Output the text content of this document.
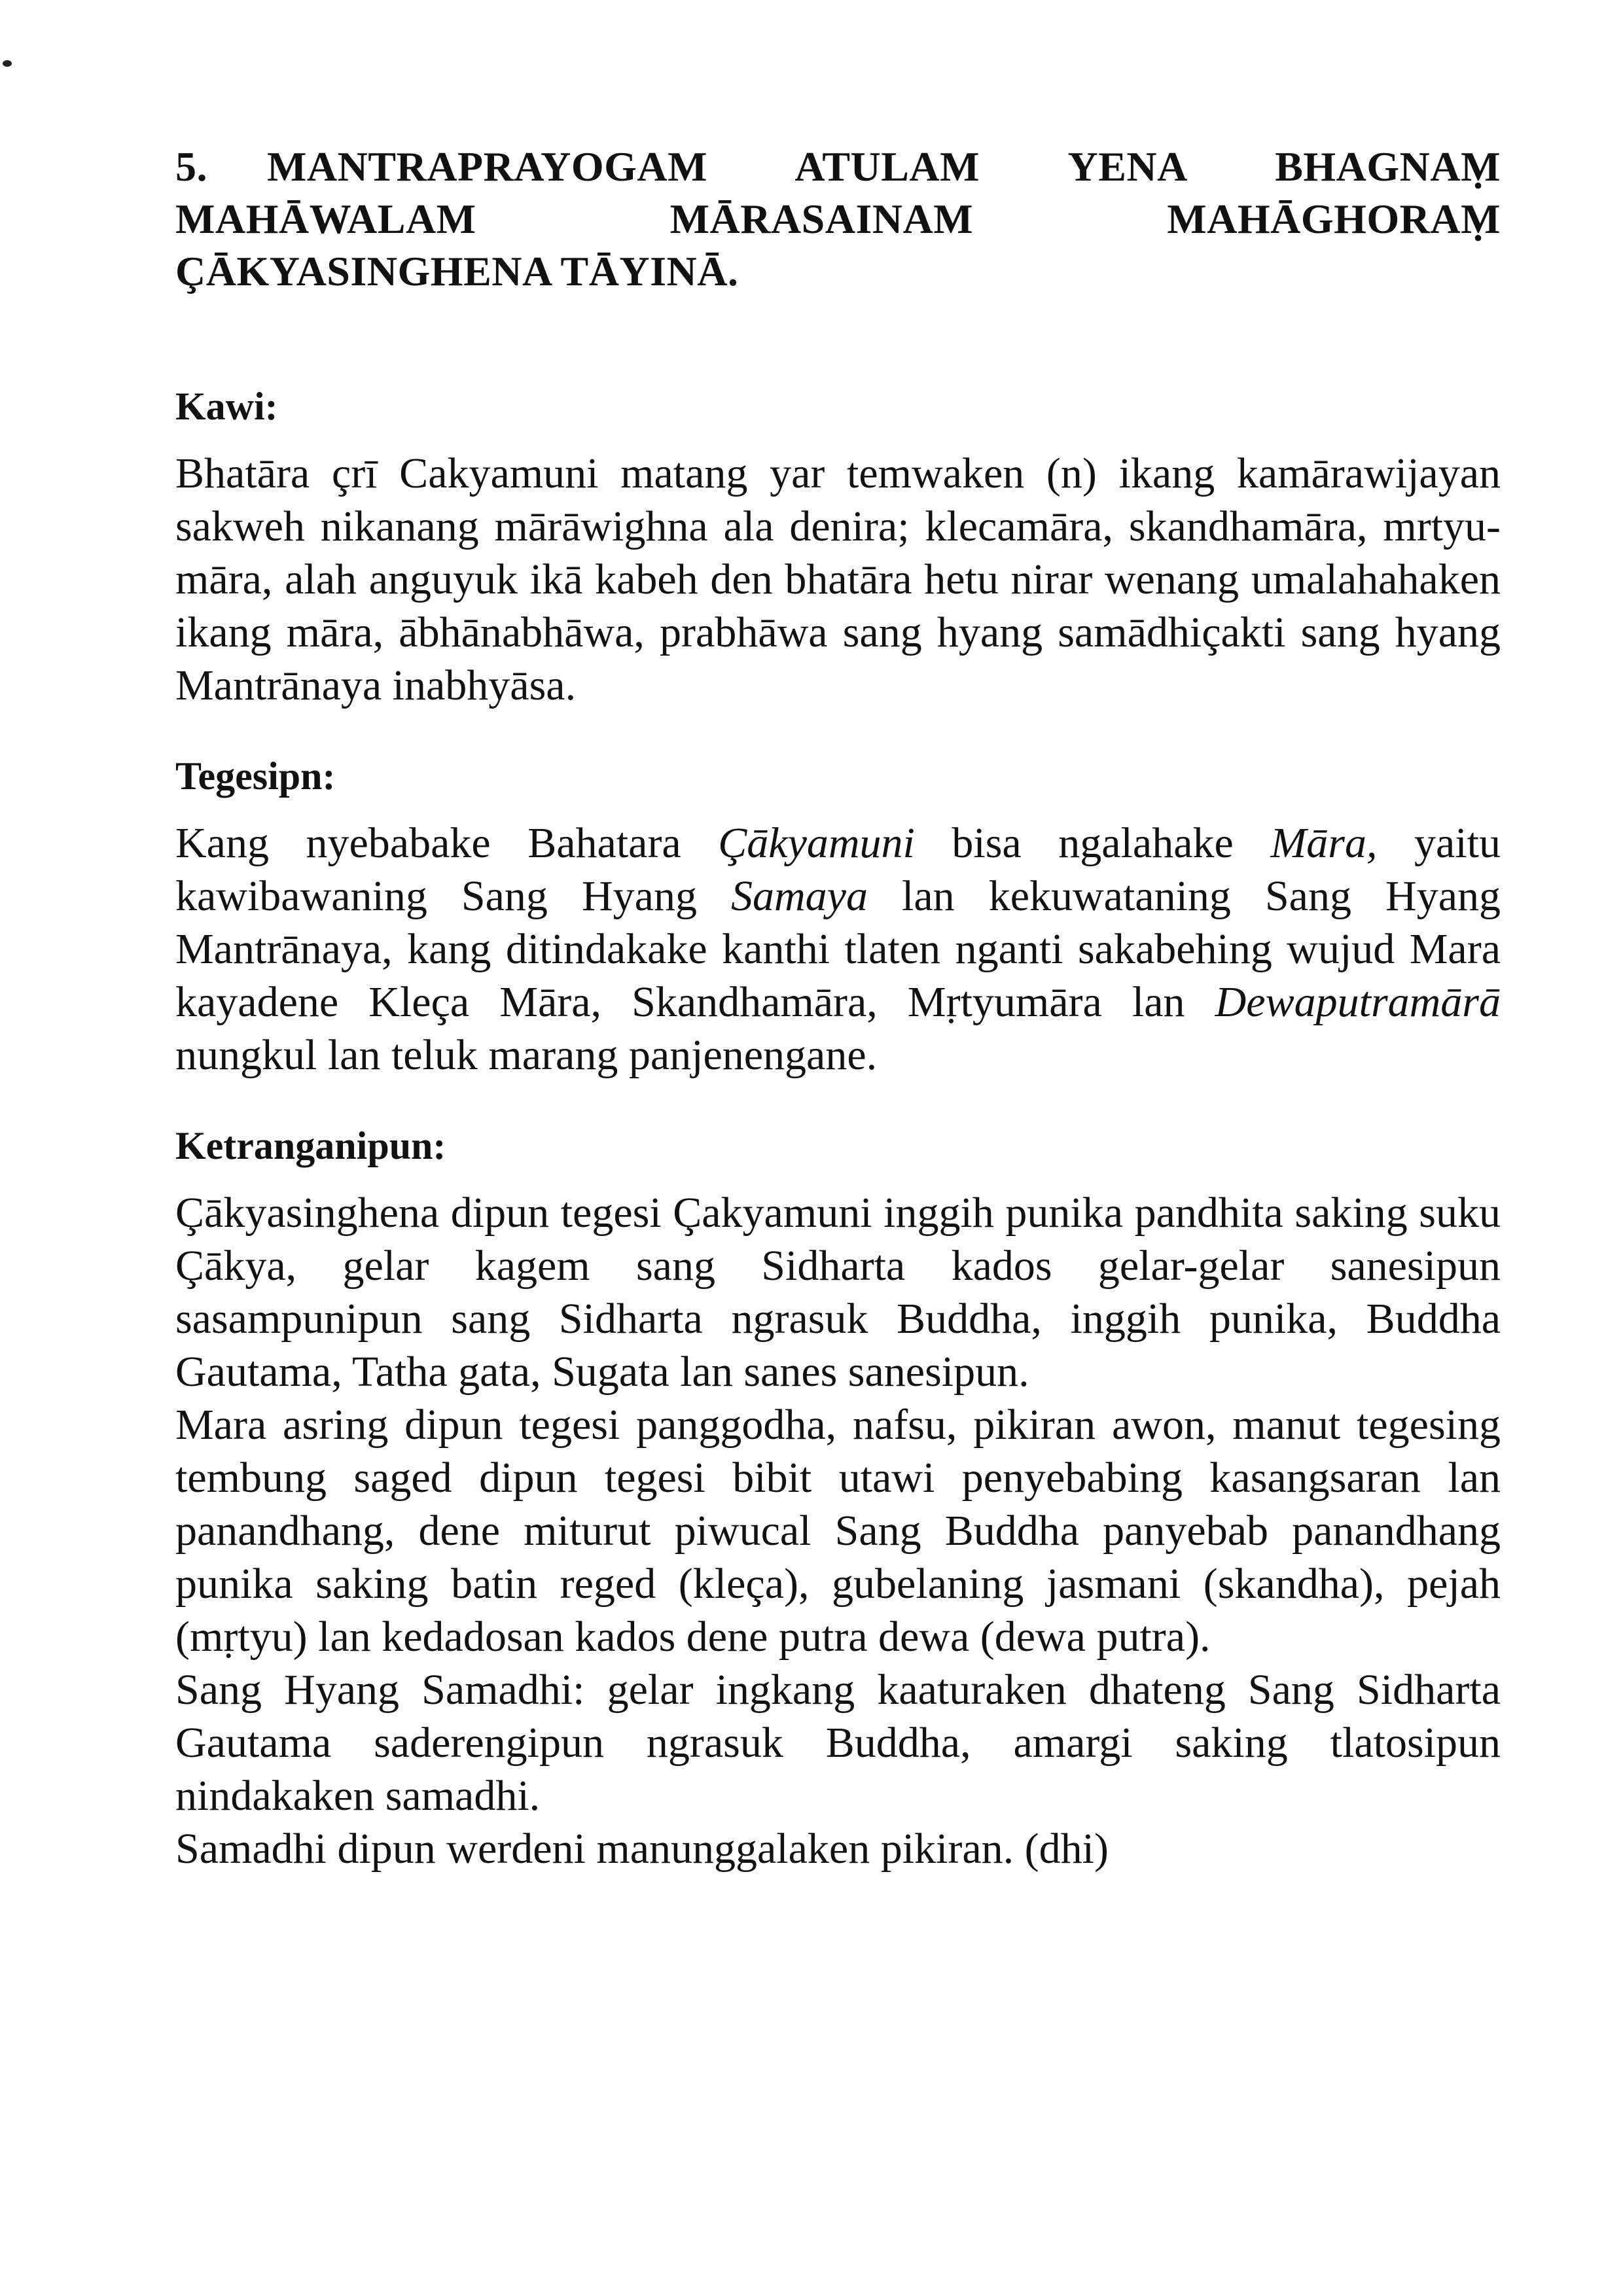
5. MANTRAPRAYOGAM ATULAM YENA BHAGNAṂ MAHĀWALAM MĀRASAINAM MAHĀGHORAṂ ÇĀKYASINGHENA TĀYINĀ.

Kawi:

Bhatāra çrī Cakyamuni matang yar temwaken (n) ikang kamārawijayan sakweh nikanang mārāwighna ala denira; klecamāra, skandhamāra, mrtyu-māra, alah anguyuk ikā kabeh den bhatāra hetu nirar wenang umalahahaken ikang māra, ābhānabhāwa, prabhāwa sang hyang samādhiçakti sang hyang Mantrānaya inabhyāsa.

Tegesipn:

Kang nyebabake Bahatara Çākyamuni bisa ngalahake Māra, yaitu kawibawaning Sang Hyang Samaya lan kekuwataning Sang Hyang Mantrānaya, kang ditindakake kanthi tlaten nganti sakabehing wujud Mara kayadene Kleça Māra, Skandhamāra, Mṛtyumāra lan Dewaputramārā nungkul lan teluk marang panjenengane.

Ketranganipun:

Çākyasinghena dipun tegesi Çakyamuni inggih punika pandhita saking suku Çākya, gelar kagem sang Sidharta kados gelar-gelar sanesipun sasampunipun sang Sidharta ngrasuk Buddha, inggih punika, Buddha Gautama, Tatha gata, Sugata lan sanes sanesipun.

Mara asring dipun tegesi panggodha, nafsu, pikiran awon, manut tegesing tembung saged dipun tegesi bibit utawi penyebabing kasangsaran lan panandhang, dene miturut piwucal Sang Buddha panyebab panandhang punika saking batin reged (kleça), gubelaning jasmani (skandha), pejah (mṛtyu) lan kedadosan kados dene putra dewa (dewa putra).

Sang Hyang Samadhi: gelar ingkang kaaturaken dhateng Sang Sidharta Gautama saderengipun ngrasuk Buddha, amargi saking tlatosipun nindakaken samadhi.

Samadhi dipun werdeni manunggalaken pikiran. (dhi)
